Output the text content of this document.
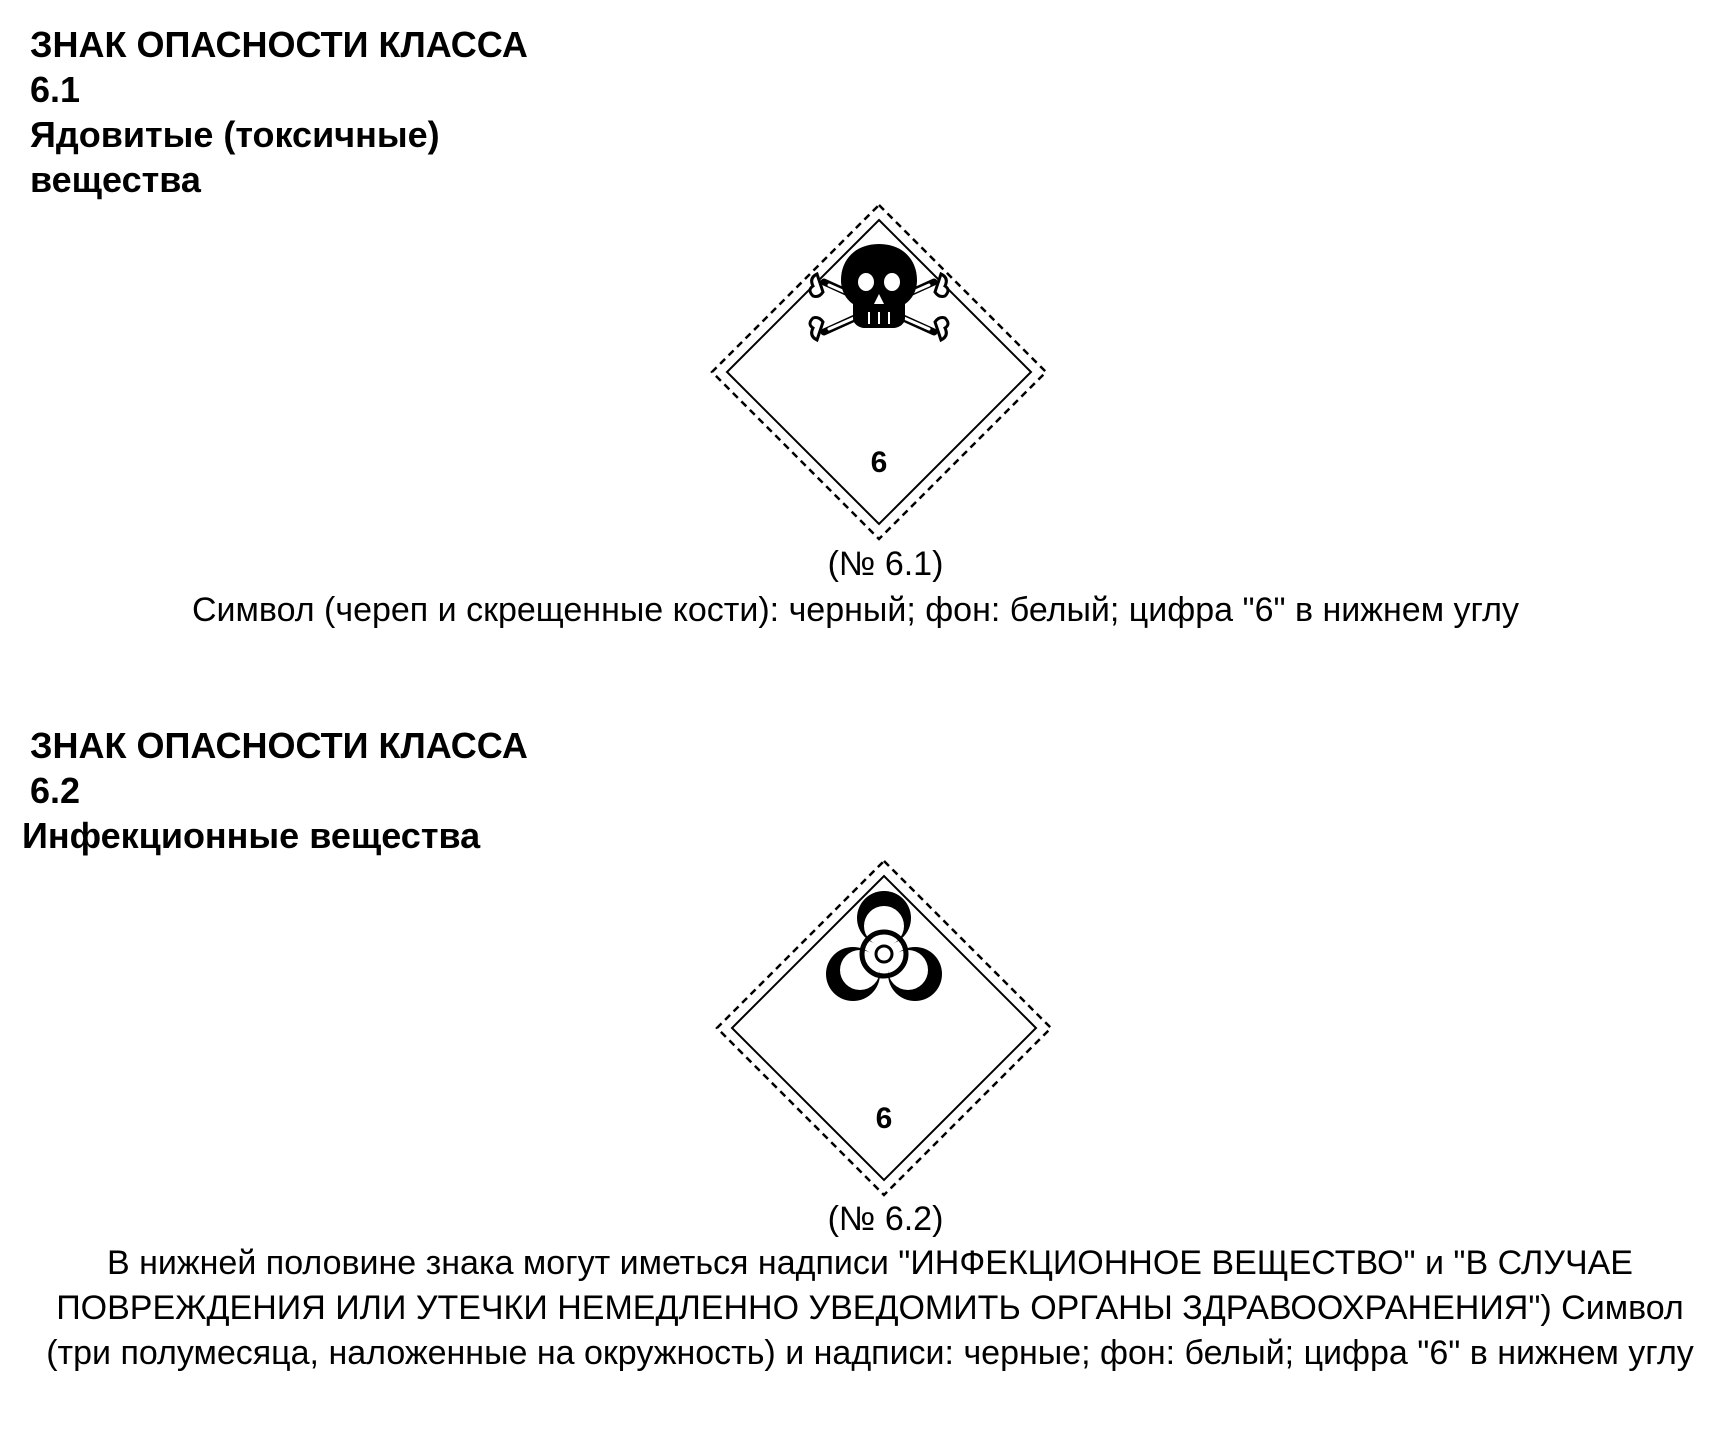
ЗНАК ОПАСНОСТИ КЛАССА
6.1
Ядовитые (токсичные)
вещества
6
(№ 6.1)
Символ (череп и скрещенные кости): черный; фон: белый; цифра "6" в нижнем углу
ЗНАК ОПАСНОСТИ КЛАССА
6.2
Инфекционные вещества
6
(№ 6.2)
В нижней половине знака могут иметься надписи "ИНФЕКЦИОННОЕ ВЕЩЕСТВО" и "В СЛУЧАЕ ПОВРЕЖДЕНИЯ ИЛИ УТЕЧКИ НЕМЕДЛЕННО УВЕДОМИТЬ ОРГАНЫ ЗДРАВООХРАНЕНИЯ") Символ (три полумесяца, наложенные на окружность) и надписи: черные; фон: белый; цифра "6" в нижнем углу
